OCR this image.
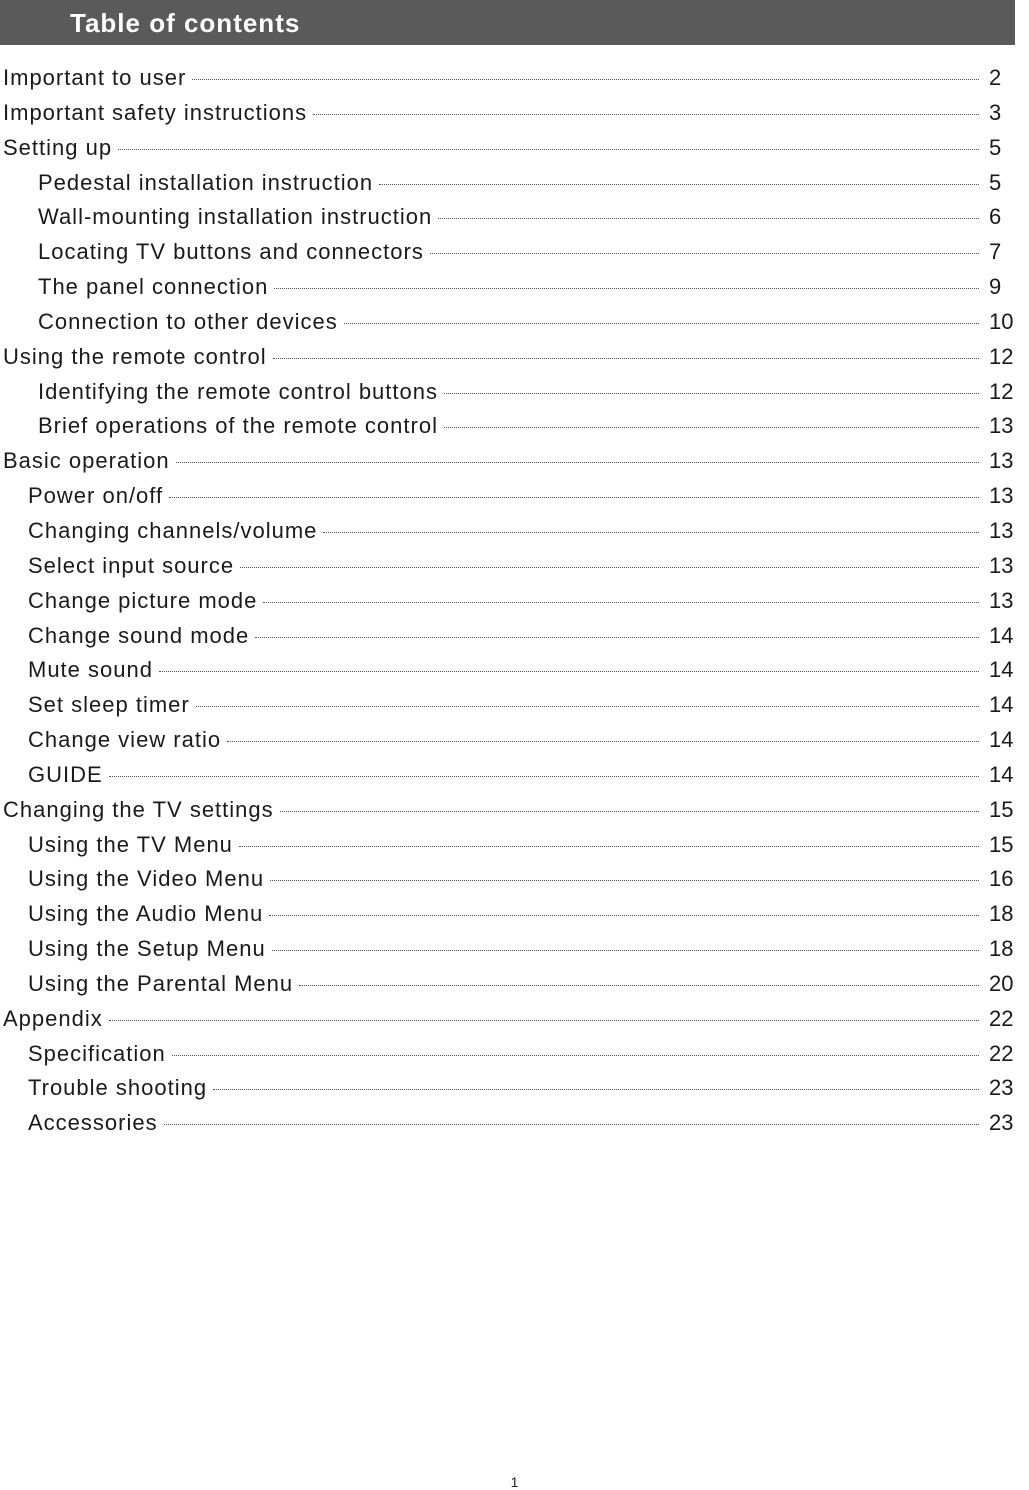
Table of contents
Important to user	2
Important safety instructions	3
Setting up	5
Pedestal installation instruction	5
Wall-mounting installation instruction	6
Locating TV buttons and connectors	7
The panel connection	9
Connection to other devices	10
Using the remote control	12
Identifying the remote control buttons	12
Brief operations of the remote control	13
Basic operation	13
Power on/off	13
Changing channels/volume	13
Select input source	13
Change picture mode	13
Change sound mode	14
Mute sound	14
Set sleep timer	14
Change view ratio	14
GUIDE	14
Changing the TV settings	15
Using the TV Menu	15
Using the Video Menu	16
Using the Audio Menu	18
Using the Setup Menu	18
Using the Parental Menu	20
Appendix	22
Specification	22
Trouble shooting	23
Accessories	23
1
